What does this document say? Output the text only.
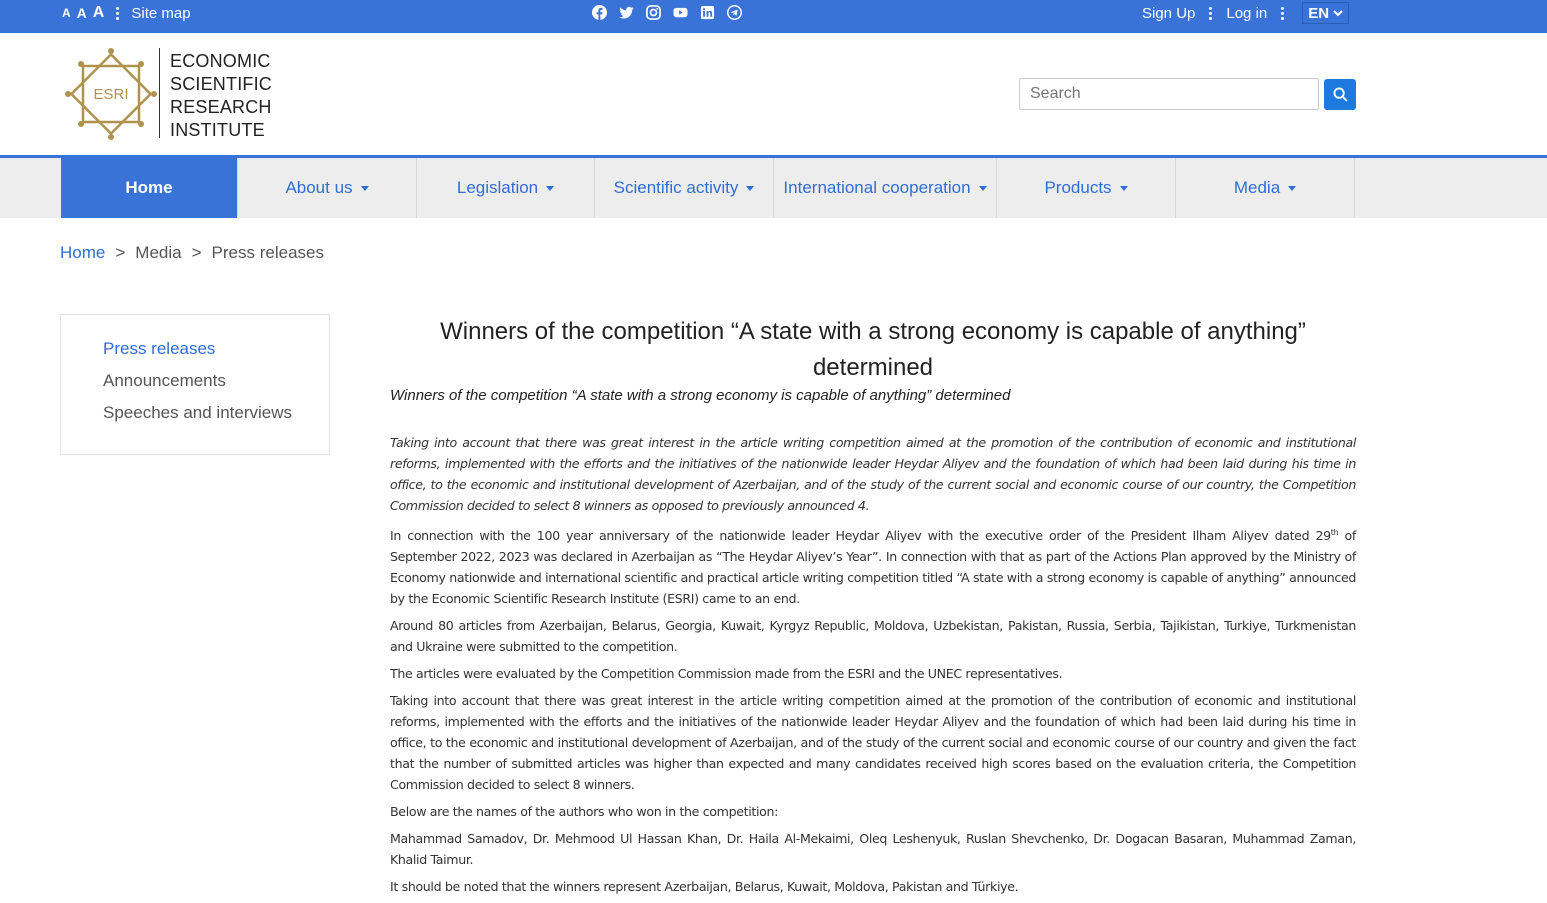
A A A Site map	Sign Up Log in	EN
ESRI
ECONOMIC
SCIENTIFIC
RESEARCH
INSTITUTE
Search
Home	About us	Legislation	Scientific activity	International cooperation	Products	Media
Home > Media > Press releases
Press releases
Announcements
Speeches and interviews
Winners of the competition “A state with a strong economy is capable of anything” determined
Winners of the competition “A state with a strong economy is capable of anything” determined

Taking into account that there was great interest in the article writing competition aimed at the promotion of the contribution of economic and institutional reforms, implemented with the efforts and the initiatives of the nationwide leader Heydar Aliyev and the foundation of which had been laid during his time in office, to the economic and institutional development of Azerbaijan, and of the study of the current social and economic course of our country, the Competition Commission decided to select 8 winners as opposed to previously announced 4.

In connection with the 100 year anniversary of the nationwide leader Heydar Aliyev with the executive order of the President Ilham Aliyev dated 29th of September 2022, 2023 was declared in Azerbaijan as “The Heydar Aliyev’s Year”. In connection with that as part of the Actions Plan approved by the Ministry of Economy nationwide and international scientific and practical article writing competition titled “A state with a strong economy is capable of anything” announced by the Economic Scientific Research Institute (ESRI) came to an end.

Around 80 articles from Azerbaijan, Belarus, Georgia, Kuwait, Kyrgyz Republic, Moldova, Uzbekistan, Pakistan, Russia, Serbia, Tajikistan, Turkiye, Turkmenistan and Ukraine were submitted to the competition.

The articles were evaluated by the Competition Commission made from the ESRI and the UNEC representatives.

Taking into account that there was great interest in the article writing competition aimed at the promotion of the contribution of economic and institutional reforms, implemented with the efforts and the initiatives of the nationwide leader Heydar Aliyev and the foundation of which had been laid during his time in office, to the economic and institutional development of Azerbaijan, and of the study of the current social and economic course of our country and given the fact that the number of submitted articles was higher than expected and many candidates received high scores based on the evaluation criteria, the Competition Commission decided to select 8 winners.

Below are the names of the authors who won in the competition:

Mahammad Samadov, Dr. Mehmood Ul Hassan Khan, Dr. Haila Al-Mekaimi, Oleq Leshenyuk, Ruslan Shevchenko, Dr. Dogacan Basaran, Muhammad Zaman, Khalid Taimur.

It should be noted that the winners represent Azerbaijan, Belarus, Kuwait, Moldova, Pakistan and Türkiye.
